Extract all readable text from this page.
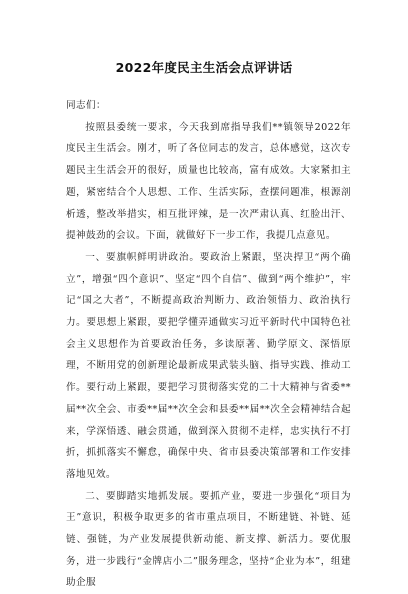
2022年度民主生活会点评讲话

同志们：

按照县委统一要求，今天我到席指导我们**镇领导2022年度民主生活会。刚才，听了各位同志的发言，总体感觉，这次专题民主生活会开的很好，质量也比较高，富有成效。大家紧扣主题，紧密结合个人思想、工作、生活实际，查摆问题准，根源剖析透，整改举措实，相互批评辣，是一次严肃认真、红脸出汗、提神鼓劲的会议。下面，就做好下一步工作，我提几点意见。

一、要旗帜鲜明讲政治。要政治上紧跟，坚决捍卫“两个确立”，增强“四个意识”、坚定“四个自信”、做到“两个维护”，牢记“国之大者”，不断提高政治判断力、政治领悟力、政治执行力。要思想上紧跟，要把学懂弄通做实习近平新时代中国特色社会主义思想作为首要政治任务，多读原著、勤学原文、深悟原理，不断用党的创新理论最新成果武装头脑、指导实践、推动工作。要行动上紧跟，要把学习贯彻落实党的二十大精神与省委**届**次全会、市委**届**次全会和县委**届**次全会精神结合起来，学深悟透、融会贯通，做到深入贯彻不走样，忠实执行不打折，抓抓落实不懈怠，确保中央、省市县委决策部署和工作安排落地见效。

二、要脚踏实地抓发展。要抓产业，要进一步强化“项目为王”意识，积极争取更多的省市重点项目，不断建链、补链、延链、强链，为产业发展提供新动能、新支撑、新活力。要优服务，进一步践行“金牌店小二”服务理念，坚持“企业为本”，组建助企服
